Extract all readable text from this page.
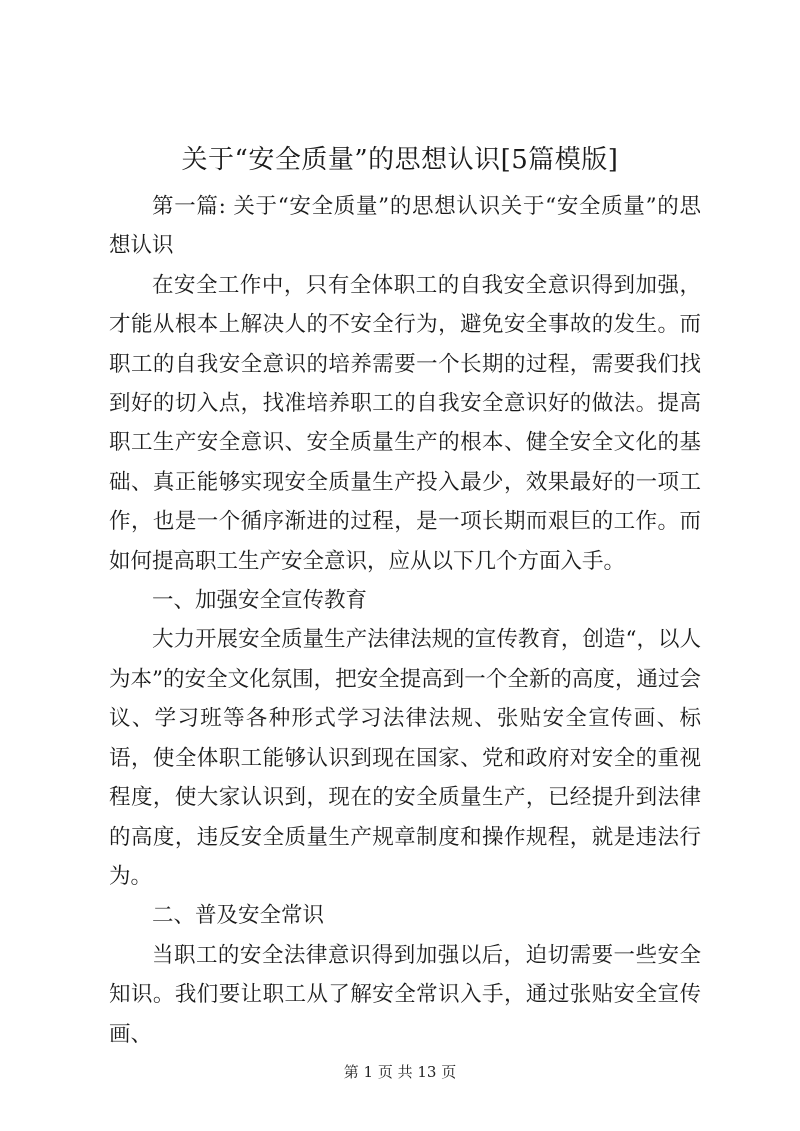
关于“安全质量”的思想认识[5篇模版]

第一篇: 关于“安全质量”的思想认识关于“安全质量”的思想认识

在安全工作中，只有全体职工的自我安全意识得到加强，才能从根本上解决人的不安全行为，避免安全事故的发生。而职工的自我安全意识的培养需要一个长期的过程，需要我们找到好的切入点，找准培养职工的自我安全意识好的做法。提高职工生产安全意识、安全质量生产的根本、健全安全文化的基础、真正能够实现安全质量生产投入最少，效果最好的一项工作，也是一个循序渐进的过程，是一项长期而艰巨的工作。而如何提高职工生产安全意识，应从以下几个方面入手。

一、加强安全宣传教育

大力开展安全质量生产法律法规的宣传教育，创造“，以人为本”的安全文化氛围，把安全提高到一个全新的高度，通过会议、学习班等各种形式学习法律法规、张贴安全宣传画、标语，使全体职工能够认识到现在国家、党和政府对安全的重视程度，使大家认识到，现在的安全质量生产，已经提升到法律的高度，违反安全质量生产规章制度和操作规程，就是违法行为。

二、普及安全常识

当职工的安全法律意识得到加强以后，迫切需要一些安全知识。我们要让职工从了解安全常识入手，通过张贴安全宣传画、

第 1 页 共 13 页
